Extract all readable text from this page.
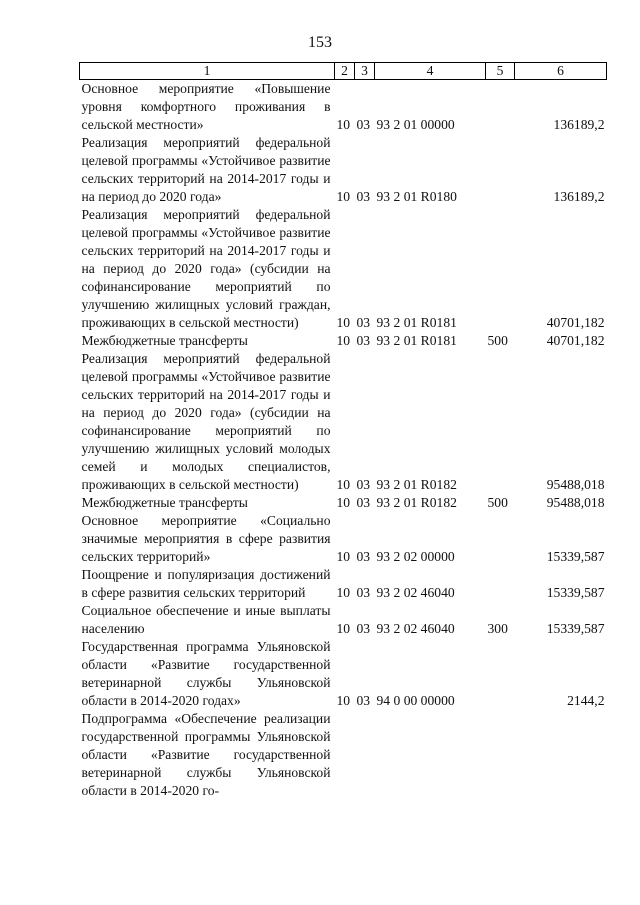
153
1	2	3	4	5	6
Основное мероприятие «Повышение уровня комфортного проживания в сельской местности»	10	03	93 2 01 00000		136189,2
Реализация мероприятий федеральной целевой программы «Устойчивое развитие сельских территорий на 2014-2017 годы и на период до 2020 года»	10	03	93 2 01 R0180		136189,2
Реализация мероприятий федеральной целевой программы «Устойчивое развитие сельских территорий на 2014-2017 годы и на период до 2020 года» (субсидии на софинансирование мероприятий по улучшению жилищных условий граждан, проживающих в сельской местности)	10	03	93 2 01 R0181		40701,182
Межбюджетные трансферты	10	03	93 2 01 R0181	500	40701,182
Реализация мероприятий федеральной целевой программы «Устойчивое развитие сельских территорий на 2014-2017 годы и на период до 2020 года» (субсидии на софинансирование мероприятий по улучшению жилищных условий молодых семей и молодых специалистов, проживающих в сельской местности)	10	03	93 2 01 R0182		95488,018
Межбюджетные трансферты	10	03	93 2 01 R0182	500	95488,018
Основное мероприятие «Социально значимые мероприятия в сфере развития сельских территорий»	10	03	93 2 02 00000		15339,587
Поощрение и популяризация достижений в сфере развития сельских территорий	10	03	93 2 02 46040		15339,587
Социальное обеспечение и иные выплаты населению	10	03	93 2 02 46040	300	15339,587
Государственная программа Ульяновской области «Развитие государственной ветеринарной службы Ульяновской области в 2014-2020 годах»	10	03	94 0 00 00000		2144,2
Подпрограмма «Обеспечение реализации государственной программы Ульяновской области «Развитие государственной ветеринарной службы Ульяновской области в 2014-2020 го-					
